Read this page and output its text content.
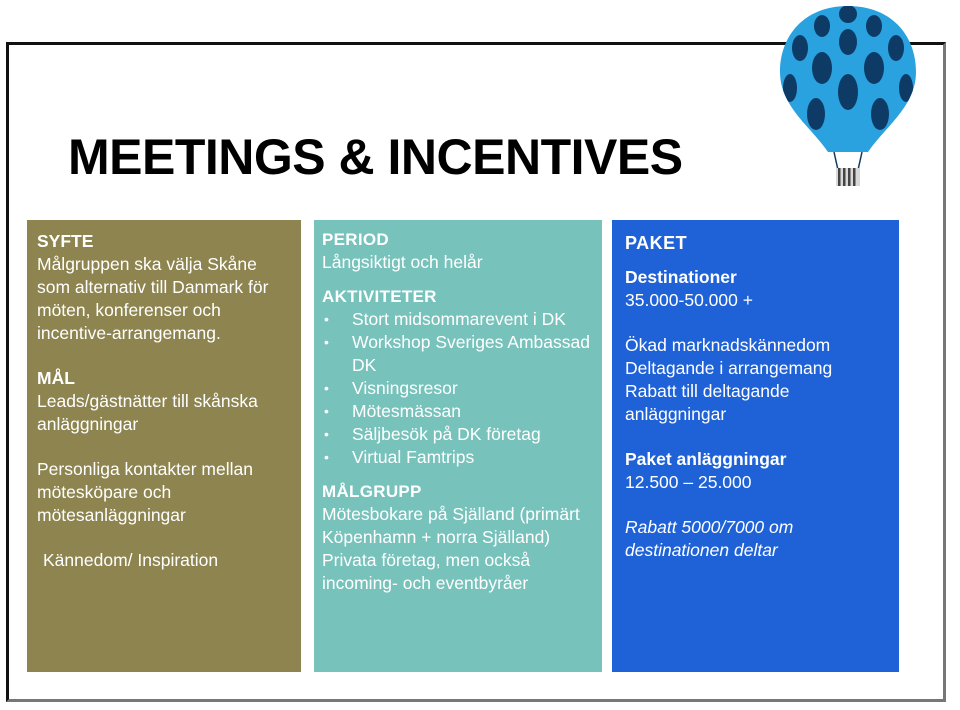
MEETINGS & INCENTIVES

SYFTE

Målgruppen ska välja Skåne som alternativ till Danmark för möten, konferenser och incentive-arrangemang.

MÅL

Leads/gästnätter till skånska anläggningar

Personliga kontakter mellan mötesköpare och mötesanläggningar

Kännedom/ Inspiration

PERIOD

Långsiktigt och helår

AKTIVITETER

• Stort midsommarevent i DK
• Workshop Sveriges Ambassad DK
• Visningsresor
• Mötesmässan
• Säljbesök på DK företag
• Virtual Famtrips

MÅLGRUPP

Mötesbokare på Själland (primärt Köpenhamn + norra Själland)

Privata företag, men också incoming- och eventbyråer

PAKET

Destinationer

35.000-50.000 +

Ökad marknadskännedom

Deltagande i arrangemang

Rabatt till deltagande anläggningar

Paket anläggningar

12.500 – 25.000

Rabatt 5000/7000 om destinationen deltar
